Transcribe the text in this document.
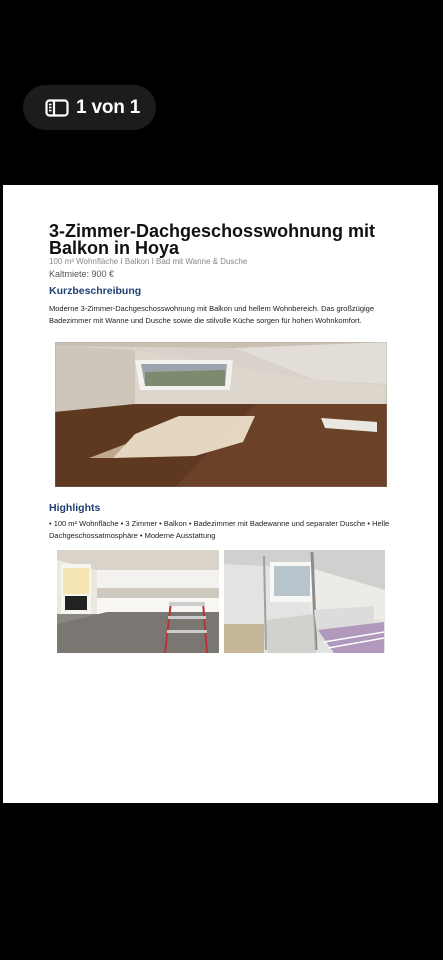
1 von 1
3-Zimmer-Dachgeschosswohnung mit Balkon in Hoya
100 m² Wohnfläche I Balkon I Bad mit Wanne & Dusche
Kaltmiete: 900 €
Kurzbeschreibung

Moderne 3-Zimmer-Dachgeschosswohnung mit Balkon und hellem Wohnbereich. Das großzügige Badezimmer mit Wanne und Dusche sowie die stilvolle Küche sorgen für hohen Wohnkomfort.

Highlights

• 100 m² Wohnfläche • 3 Zimmer • Balkon • Badezimmer mit Badewanne und separater Dusche • Helle Dachgeschossatmosphäre • Moderne Ausstattung
